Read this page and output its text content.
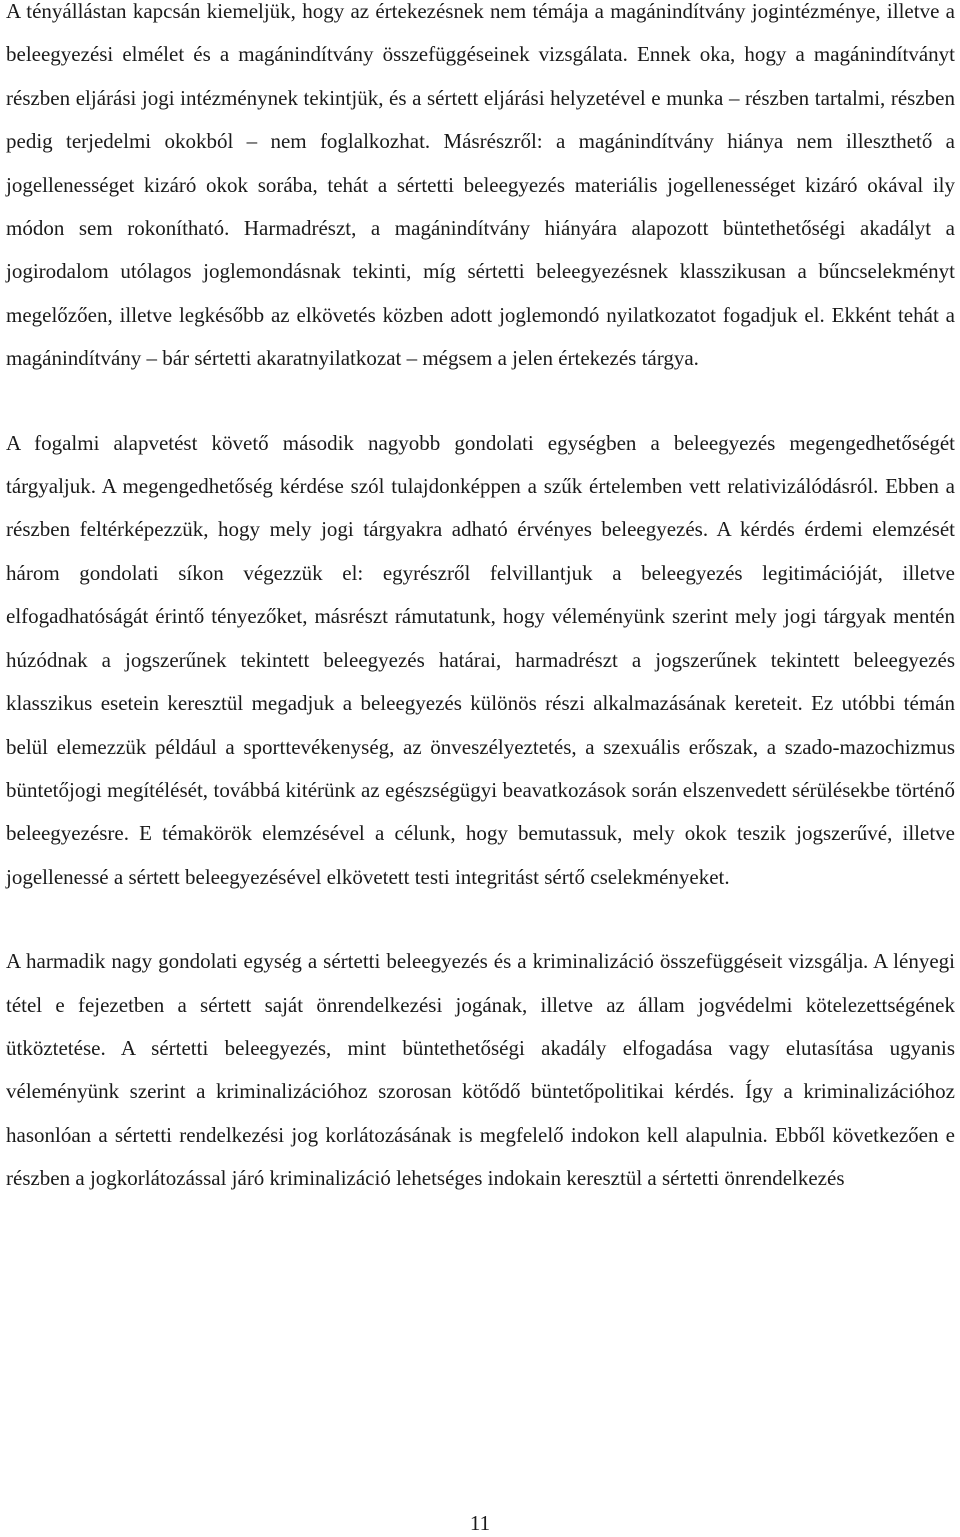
A tényállástan kapcsán kiemeljük, hogy az értekezésnek nem témája a magánindítvány jogintézménye, illetve a beleegyezési elmélet és a magánindítvány összefüggéseinek vizsgálata. Ennek oka, hogy a magánindítványt részben eljárási jogi intézménynek tekintjük, és a sértett eljárási helyzetével e munka – részben tartalmi, részben pedig terjedelmi okokból – nem foglalkozhat. Másrészről: a magánindítvány hiánya nem illeszthető a jogellenességet kizáró okok sorába, tehát a sértetti beleegyezés materiális jogellenességet kizáró okával ily módon sem rokonítható. Harmadrészt, a magánindítvány hiányára alapozott büntethetőségi akadályt a jogirodalom utólagos joglemondásnak tekinti, míg sértetti beleegyezésnek klasszikusan a bűncselekményt megelőzően, illetve legkésőbb az elkövetés közben adott joglemondó nyilatkozatot fogadjuk el. Ekként tehát a magánindítvány – bár sértetti akaratnyilatkozat – mégsem a jelen értekezés tárgya.

A fogalmi alapvetést követő második nagyobb gondolati egységben a beleegyezés megengedhetőségét tárgyaljuk. A megengedhetőség kérdése szól tulajdonképpen a szűk értelemben vett relativizálódásról. Ebben a részben feltérképezzük, hogy mely jogi tárgyakra adható érvényes beleegyezés. A kérdés érdemi elemzését három gondolati síkon végezzük el: egyrészről felvillantjuk a beleegyezés legitimációját, illetve elfogadhatóságát érintő tényezőket, másrészt rámutatunk, hogy véleményünk szerint mely jogi tárgyak mentén húzódnak a jogszerűnek tekintett beleegyezés határai, harmadrészt a jogszerűnek tekintett beleegyezés klasszikus esetein keresztül megadjuk a beleegyezés különös részi alkalmazásának kereteit. Ez utóbbi témán belül elemezzük például a sporttevékenység, az önveszélyeztetés, a szexuális erőszak, a szado-mazochizmus büntetőjogi megítélését, továbbá kitérünk az egészségügyi beavatkozások során elszenvedett sérülésekbe történő beleegyezésre. E témakörök elemzésével a célunk, hogy bemutassuk, mely okok teszik jogszerűvé, illetve jogellenessé a sértett beleegyezésével elkövetett testi integritást sértő cselekményeket.

A harmadik nagy gondolati egység a sértetti beleegyezés és a kriminalizáció összefüggéseit vizsgálja. A lényegi tétel e fejezetben a sértett saját önrendelkezési jogának, illetve az állam jogvédelmi kötelezettségének ütköztetése. A sértetti beleegyezés, mint büntethetőségi akadály elfogadása vagy elutasítása ugyanis véleményünk szerint a kriminalizációhoz szorosan kötődő büntetőpolitikai kérdés. Így a kriminalizációhoz hasonlóan a sértetti rendelkezési jog korlátozásának is megfelelő indokon kell alapulnia. Ebből következően e részben a jogkorlátozással járó kriminalizáció lehetséges indokain keresztül a sértetti önrendelkezés

11
